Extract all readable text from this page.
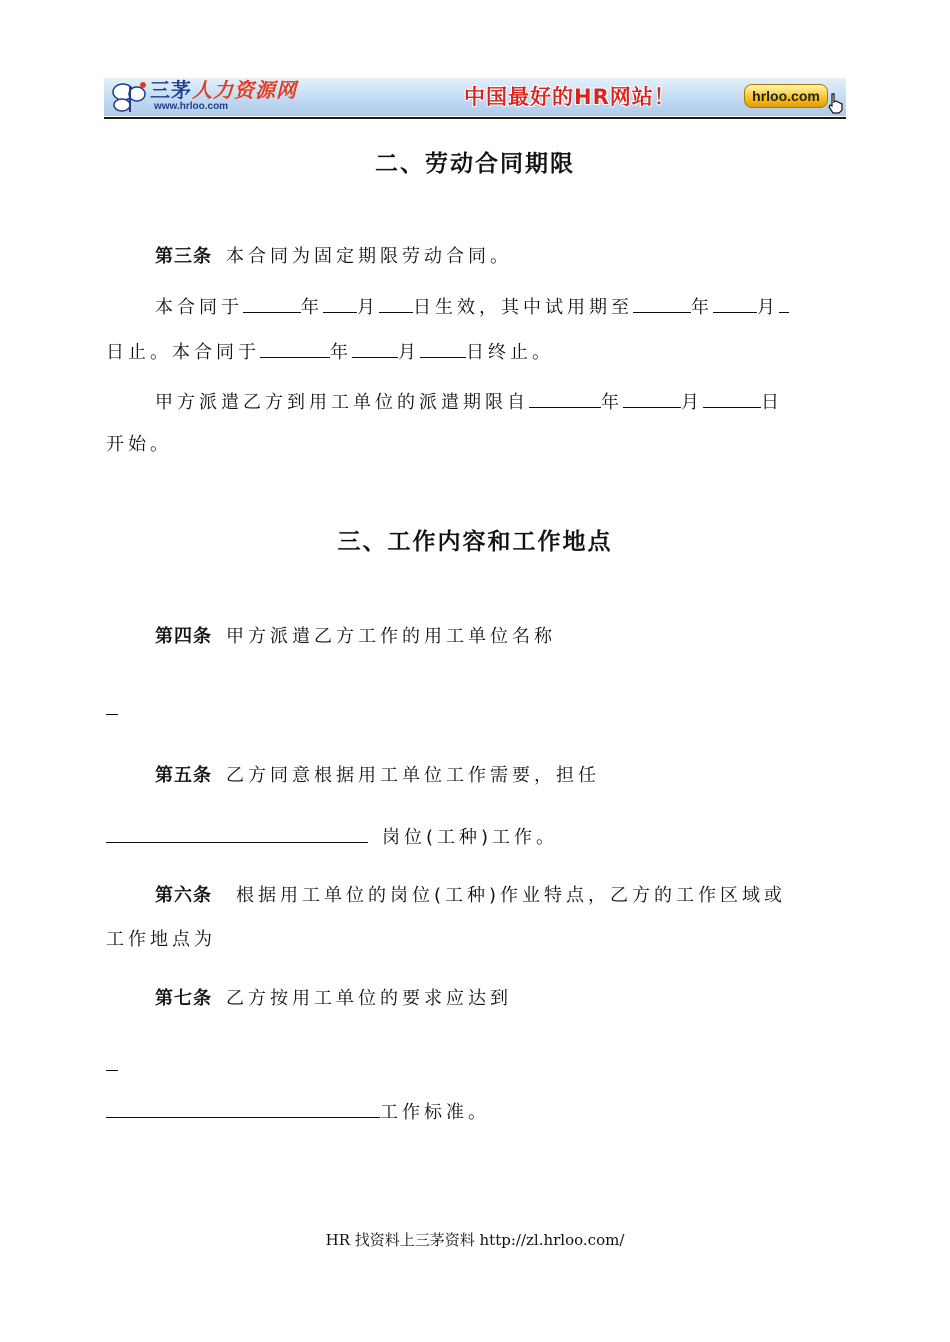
三茅人力资源网
www.hrloo.com	中国最好的HR网站！	hrloo.com
二、劳动合同期限
第三条 本合同为固定期限劳动合同。
本合同于	年 月 日生效，其中试用期至	年 月
日止。本合同于	年	月	日终止。
甲方派遣乙方到用工单位的派遣期限自	年	月	日
开始。
三、工作内容和工作地点
第四条 甲方派遣乙方工作的用工单位名称
第五条 乙方同意根据用工单位工作需要，担任
岗位(工种)工作。
第六条 根据用工单位的岗位(工种)作业特点，乙方的工作区域或
工作地点为
第七条 乙方按用工单位的要求应达到
工作标准。
HR 找资料上三茅资料 http://zl.hrloo.com/
